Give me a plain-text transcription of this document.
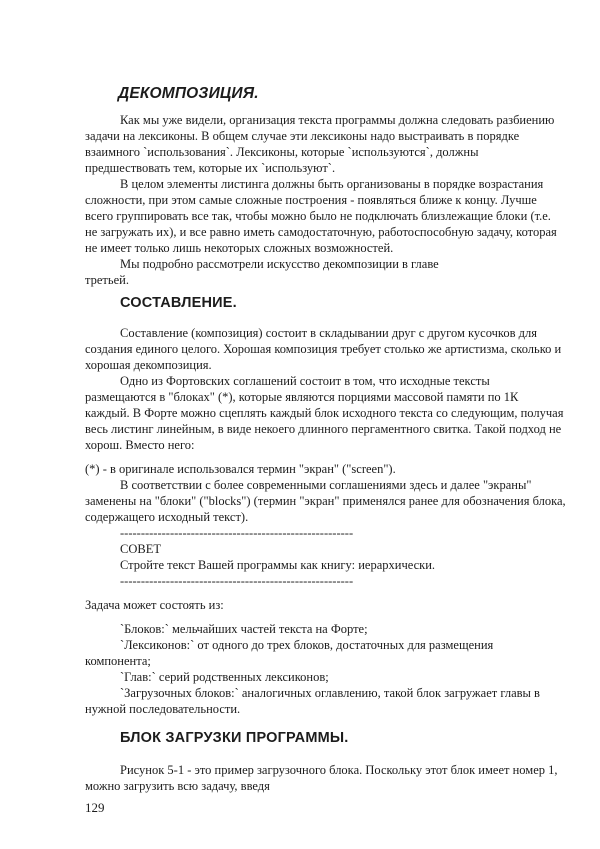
ДЕКОМПОЗИЦИЯ.
Как мы уже видели, организация текста программы должна следовать разбиению
задачи на лексиконы. В общем случае эти лексиконы надо выстраивать в порядке
взаимного `использования`. Лексиконы, которые `используются`, должны
предшествовать тем, которые их `используют`.
В целом элементы листинга должны быть организованы в порядке возрастания
сложности, при этом самые сложные построения - появляться ближе к концу. Лучше
всего группировать все так, чтобы можно было не подключать близлежащие блоки (т.е.
не загружать их), и все равно иметь самодостаточную, работоспособную задачу, которая
не имеет только лишь некоторых сложных возможностей.
Мы подробно рассмотрели искусство декомпозиции в главе
третьей.
СОСТАВЛЕНИЕ.
Составление (композиция) состоит в складывании друг с другом кусочков для
создания единого целого. Хорошая композиция требует столько же артистизма, сколько и
хорошая декомпозиция.
Одно из Фортовских соглашений состоит в том, что исходные тексты
размещаются в "блоках" (*), которые являются порциями массовой памяти по 1К
каждый. В Форте можно сцеплять каждый блок исходного текста со следующим, получая
весь листинг линейным, в виде некоего длинного пергаментного свитка. Такой подход не
хорош. Вместо него:
(*) - в оригинале использовался термин "экран" ("screen").
В соответствии с более современными соглашениями здесь и далее "экраны"
заменены на "блоки" ("blocks") (термин "экран" применялся ранее для обозначения блока,
содержащего исходный текст).
--------------------------------------------------------
СОВЕТ
Стройте текст Вашей программы как книгу: иерархически.
--------------------------------------------------------
Задача может состоять из:
`Блоков:` мельчайших частей текста на Форте;
`Лексиконов:` от одного до трех блоков, достаточных для размещения
компонента;
`Глав:` серий родственных лексиконов;
`Загрузочных блоков:` аналогичных оглавлению, такой блок загружает главы в
нужной последовательности.
БЛОК ЗАГРУЗКИ ПРОГРАММЫ.
Рисунок 5-1 - это пример загрузочного блока. Поскольку этот блок имеет номер 1,
можно загрузить всю задачу, введя
129
